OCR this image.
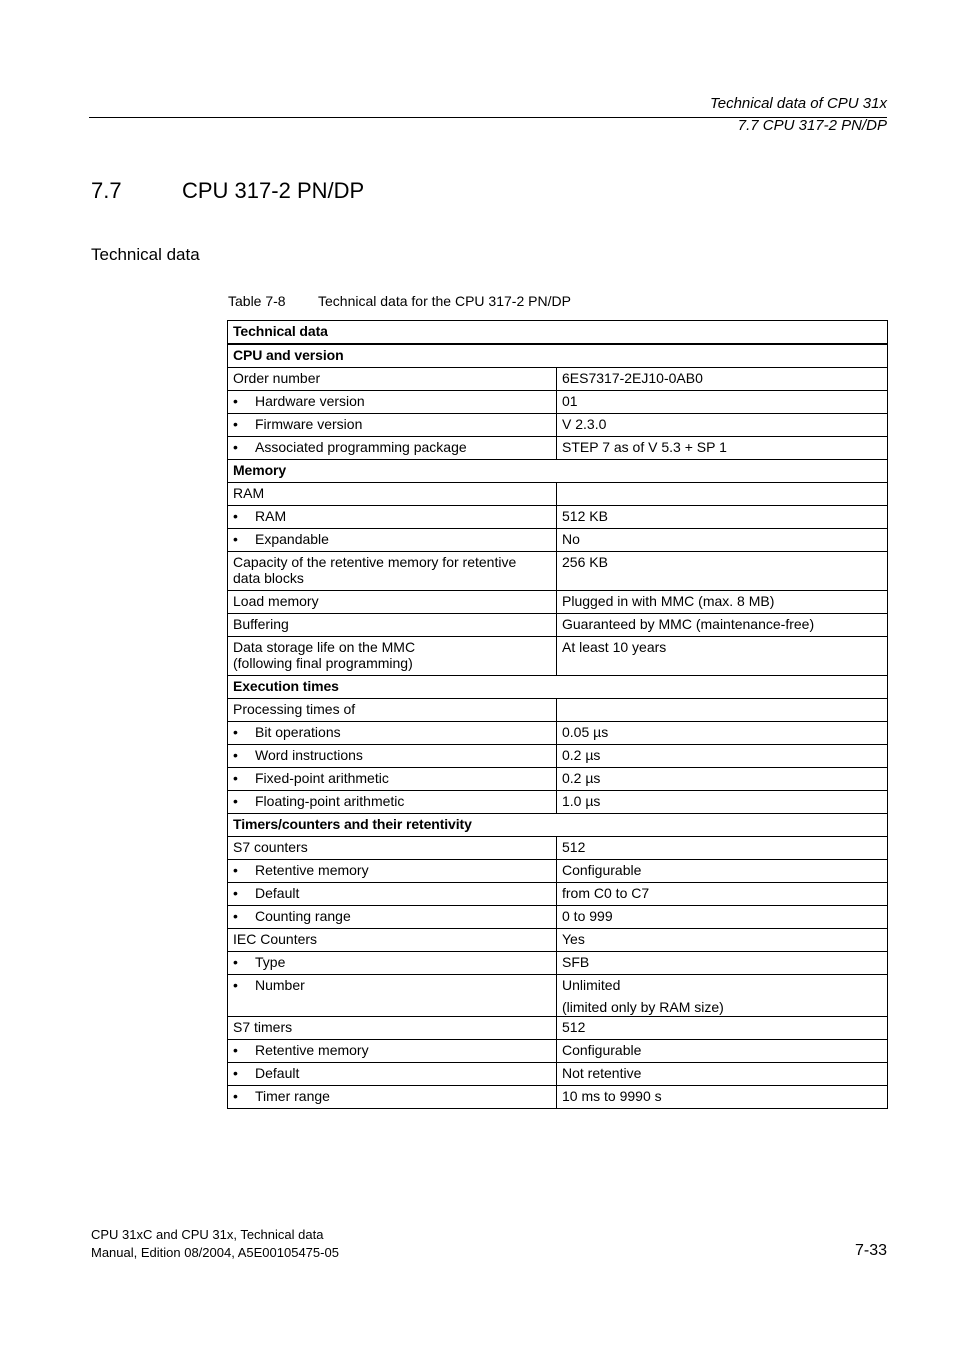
Technical data of CPU 31x
7.7 CPU 317-2 PN/DP
7.7	CPU 317-2 PN/DP
Technical data
Table 7-8 Technical data for the CPU 317-2 PN/DP
Technical data	
CPU and version	
Order number	6ES7317-2EJ10-0AB0
• Hardware version	01
• Firmware version	V 2.3.0
• Associated programming package	STEP 7 as of V 5.3 + SP 1
Memory	
RAM	
• RAM	512 KB
• Expandable	No
Capacity of the retentive memory for retentive
data blocks	256 KB
Load memory	Plugged in with MMC (max. 8 MB)
Buffering	Guaranteed by MMC (maintenance-free)
Data storage life on the MMC
(following final programming)	At least 10 years
Execution times	
Processing times of	
• Bit operations	0.05 µs
• Word instructions	0.2 µs
• Fixed-point arithmetic	0.2 µs
• Floating-point arithmetic	1.0 µs
Timers/counters and their retentivity	
S7 counters	512
• Retentive memory	Configurable
• Default	from C0 to C7
• Counting range	0 to 999
IEC Counters	Yes
• Type	SFB
• Number	Unlimited
(limited only by RAM size)

S7 timers	512
• Retentive memory	Configurable
• Default	Not retentive
• Timer range	10 ms to 9990 s
CPU 31xC and CPU 31x, Technical data
Manual, Edition 08/2004, A5E00105475-05	7-33
